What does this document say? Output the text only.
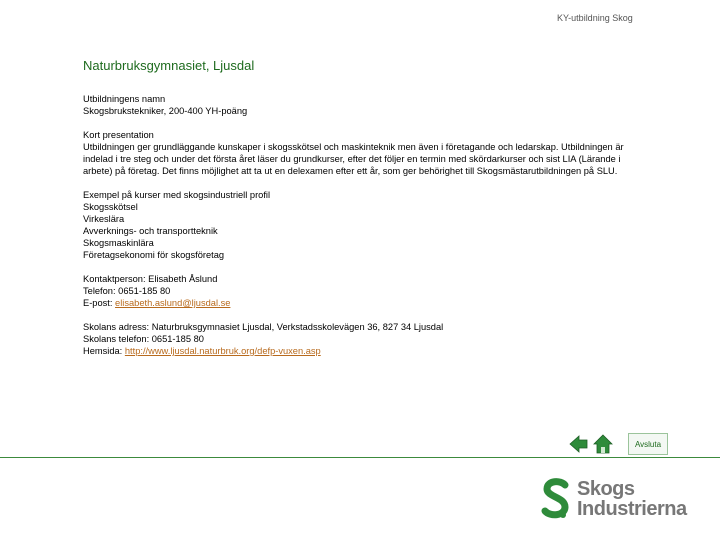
KY-utbildning Skog
Naturbruksgymnasiet, Ljusdal
Utbildningens namn
Skogsbrukstekniker, 200-400 YH-poäng
Kort presentation
Utbildningen ger grundläggande kunskaper i skogsskötsel och maskinteknik men även i företagande och ledarskap. Utbildningen är indelad i tre steg och under det första året läser du grundkurser, efter det följer en termin med skördarkurser och sist LIA (Lärande i arbete) på företag. Det finns möjlighet att ta ut en delexamen efter ett år, som ger behörighet till Skogsmästarutbildningen på SLU.
Exempel på kurser med skogsindustriell profil
Skogsskötsel
Virkeslära
Avverknings- och transportteknik
Skogsmaskinlära
Företagsekonomi för skogsföretag
Kontaktperson: Elisabeth Åslund
Telefon: 0651-185 80
E-post: elisabeth.aslund@ljusdal.se
Skolans adress: Naturbruksgymnasiet Ljusdal, Verkstadsskolevägen 36, 827 34 Ljusdal
Skolans telefon: 0651-185 80
Hemsida: http://www.ljusdal.naturbruk.org/defp-vuxen.asp
Avsluta
Skogs
Industrierna
